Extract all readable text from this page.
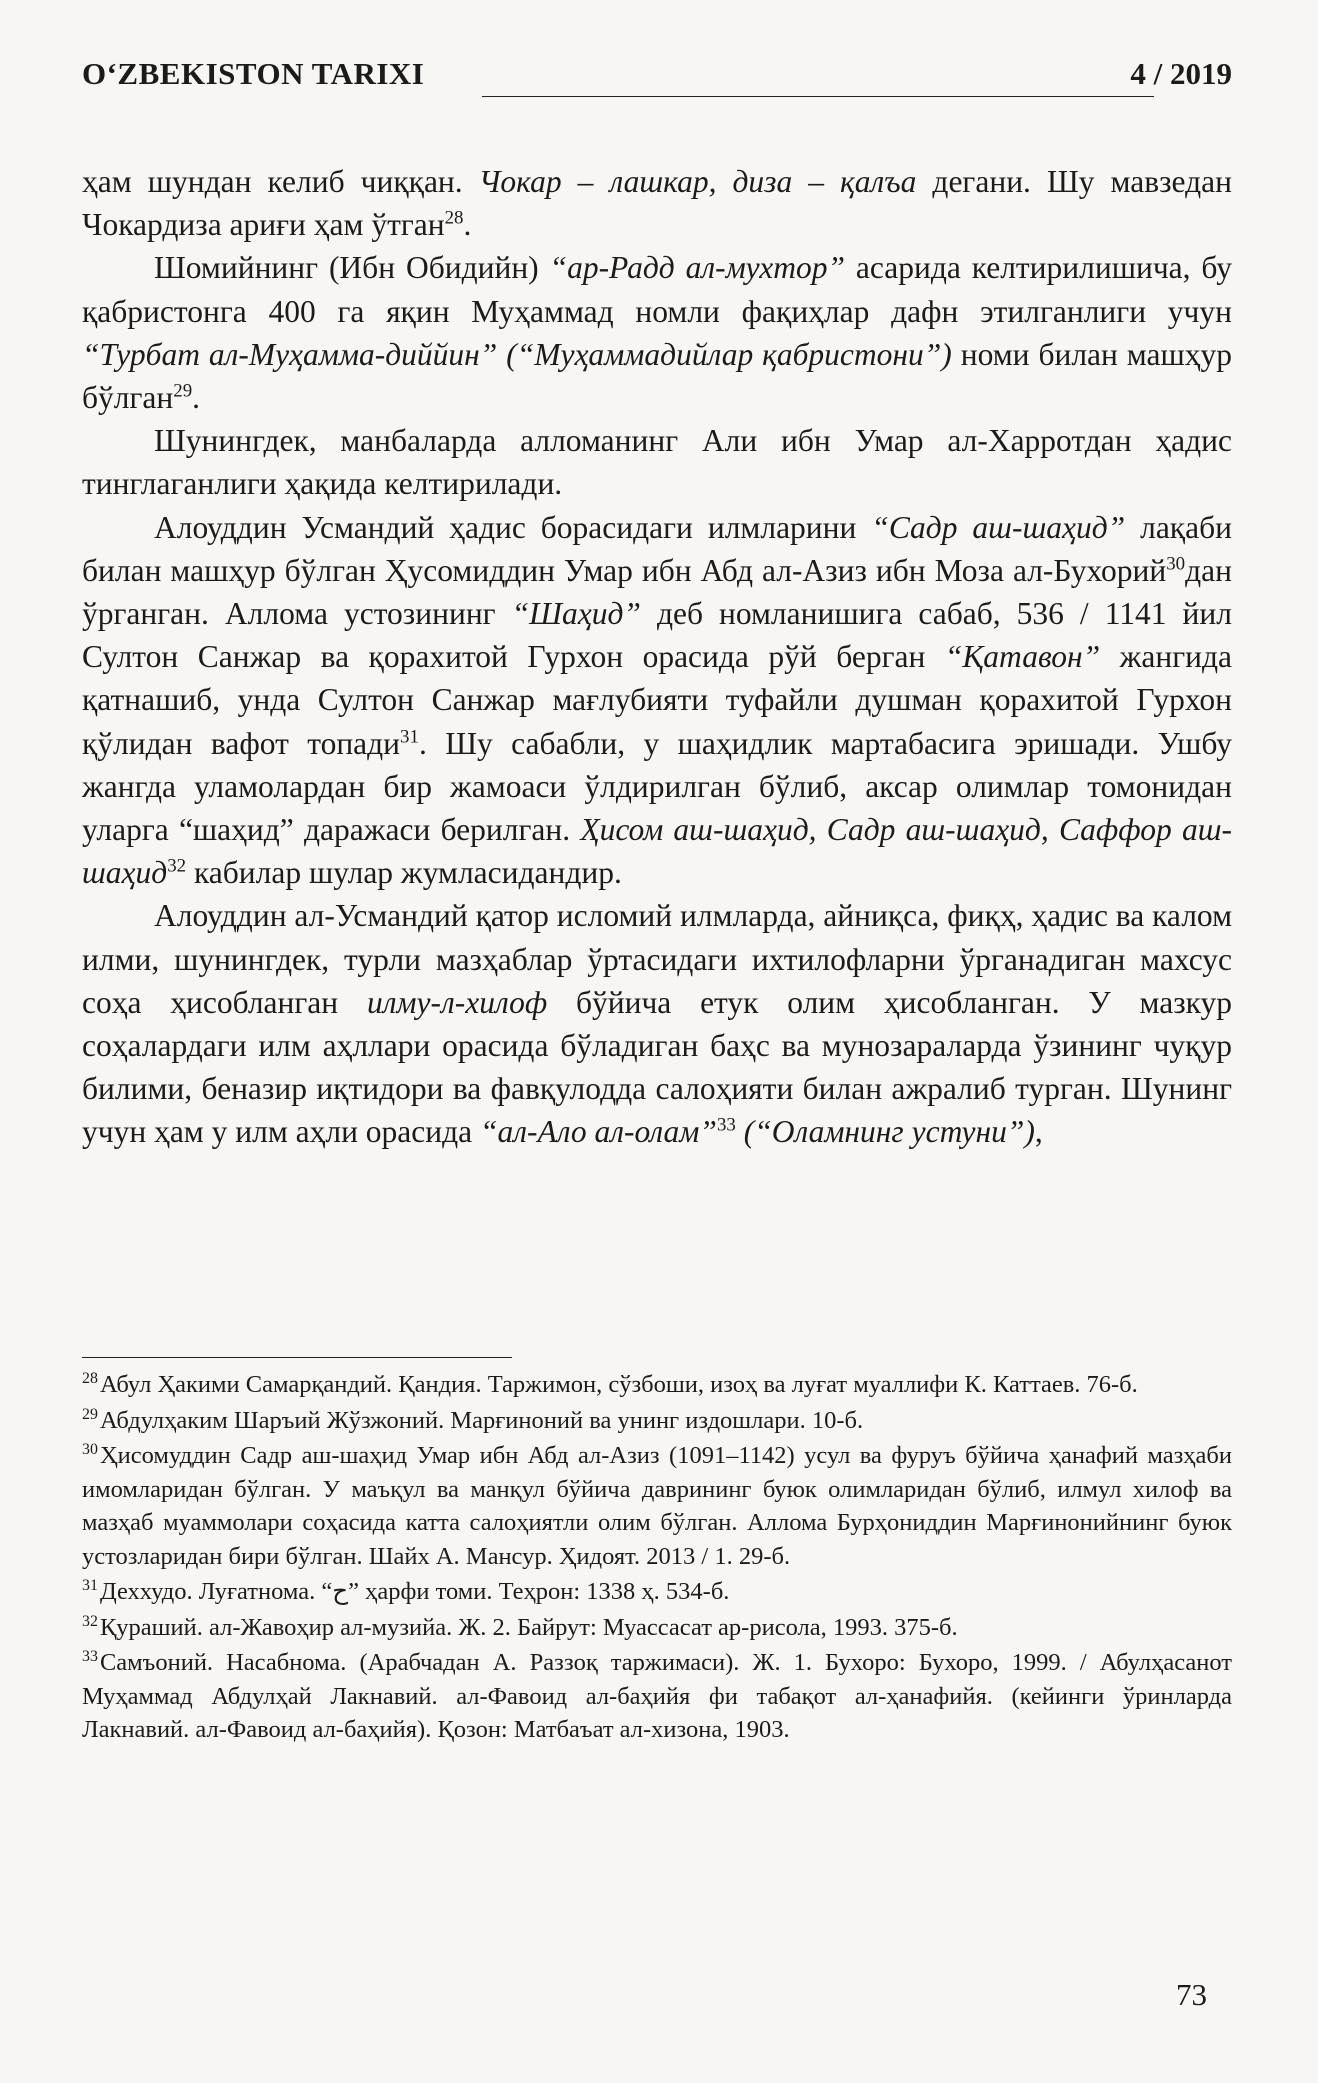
O‘ZBEKISTON TARIXI	4 / 2019

ҳам шундан келиб чиққан. Чокар – лашкар, диза – қалъа дегани. Шу мавзедан Чокардиза ариғи ҳам ўтган$^{28}$.

Шомийнинг (Ибн Обидийн) “ар-Радд ал-мухтор” асарида келтирилишича, бу қабристонга 400 га яқин Муҳаммад номли фақиҳлар дафн этилганлиги учун “Турбат ал-Муҳамма-диййин” (“Муҳаммадийлар қабристони”) номи билан машҳур бўлган$^{29}$.

Шунингдек, манбаларда алломанинг Али ибн Умар ал-Харротдан ҳадис тинглаганлиги ҳақида келтирилади.

Алоуддин Усмандий ҳадис борасидаги илмларини “Садр аш-шаҳид” лақаби билан машҳур бўлган Ҳусомиддин Умар ибн Абд ал-Азиз ибн Моза ал-Бухорий$^{30}$дан ўрганган. Аллома устозининг “Шаҳид” деб номланишига сабаб, 536 / 1141 йил Султон Санжар ва қорахитой Гурхон орасида рўй берган “Қатавон” жангида қатнашиб, унда Султон Санжар мағлубияти туфайли душман қорахитой Гурхон қўлидан вафот топади$^{31}$. Шу сабабли, у шаҳидлик мартабасига эришади. Ушбу жангда уламолардан бир жамоаси ўлдирилган бўлиб, аксар олимлар томонидан уларга “шаҳид” даражаси берилган. Ҳисом аш-шаҳид, Садр аш-шаҳид, Саффор аш-шаҳид$^{32}$ кабилар шулар жумласидандир.

Алоуддин ал-Усмандий қатор исломий илмларда, айниқса, фиқҳ, ҳадис ва калом илми, шунингдек, турли мазҳаблар ўртасидаги ихтилофларни ўрганадиган махсус соҳа ҳисобланган илму-л-хилоф бўйича етук олим ҳисобланган. У мазкур соҳалардаги илм аҳллари орасида бўладиган баҳс ва мунозараларда ўзининг чуқур билими, беназир иқтидори ва фавқулодда салоҳияти билан ажралиб турган. Шунинг учун ҳам у илм аҳли орасида “ал-Ало ал-олам”$^{33}$ (“Оламнинг устуни”),

$^{28}$ Абул Ҳакими Самарқандий. Қандия. Таржимон, сўзбоши, изоҳ ва луғат муаллифи К. Каттаев. 76-б.

$^{29}$ Абдулҳаким Шаръий Жўзжоний. Марғиноний ва унинг издошлари. 10-б.

$^{30}$ Ҳисомуддин Садр аш-шаҳид Умар ибн Абд ал-Азиз (1091–1142) усул ва фуруъ бўйича ҳанафий мазҳаби имомларидан бўлган. У маъқул ва манқул бўйича даврининг буюк олимларидан бўлиб, илмул хилоф ва мазҳаб муаммолари соҳасида катта салоҳиятли олим бўлган. Аллома Бурҳониддин Марғинонийнинг буюк устозларидан бири бўлган. Шайх А. Мансур. Ҳидоят. 2013 / 1. 29-б.

$^{31}$ Деххудо. Луғатнома. “ح” ҳарфи томи. Теҳрон: 1338 ҳ. 534-б.

$^{32}$ Қураший. ал-Жавоҳир ал-музийа. Ж. 2. Байрут: Муассасат ар-рисола, 1993. 375-б.

$^{33}$ Самъоний. Насабнома. (Арабчадан А. Раззоқ таржимаси). Ж. 1. Бухоро: Бухоро, 1999. / Абулҳасанот Муҳаммад Абдулҳай Лакнавий. ал-Фавоид ал-баҳийя фи табақот ал-ҳанафийя. (кейинги ўринларда Лакнавий. ал-Фавоид ал-баҳийя). Қозон: Матбаъат ал-хизона, 1903.

73
